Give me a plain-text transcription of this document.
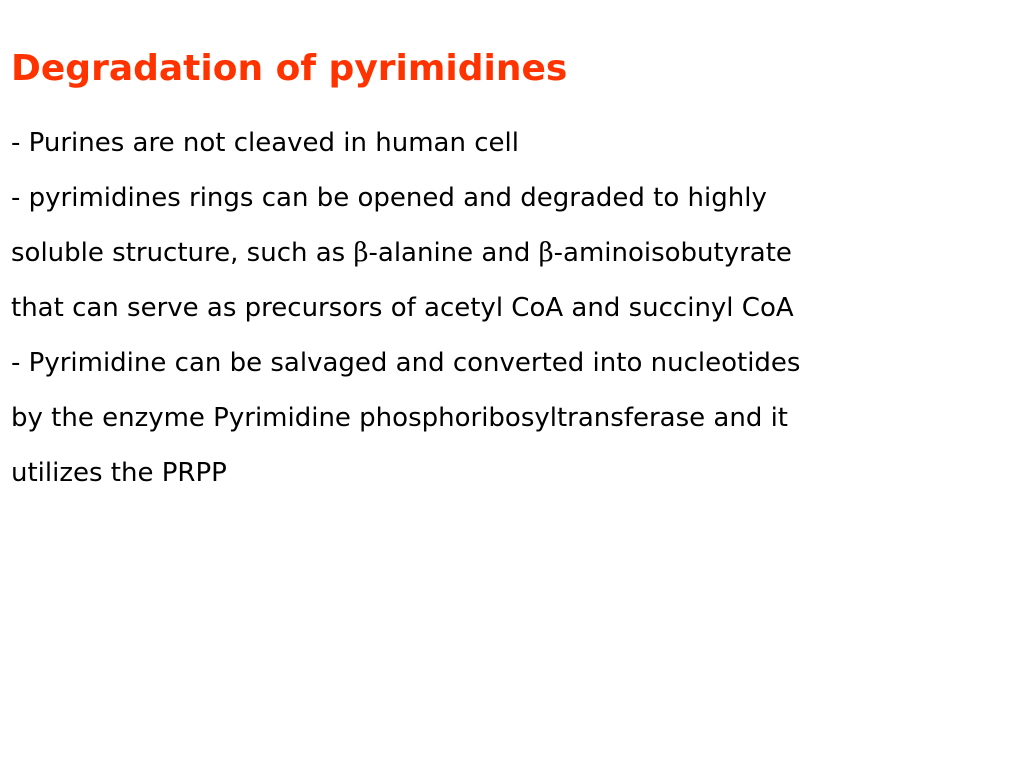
Degradation of pyrimidines
- Purines are not cleaved in human cell
- pyrimidines rings can be opened and degraded to highly
soluble structure, such as β-alanine and β-aminoisobutyrate
that can serve as precursors of acetyl CoA and succinyl CoA
- Pyrimidine can be salvaged and converted into nucleotides
by the enzyme Pyrimidine phosphoribosyltransferase and it
utilizes the PRPP
